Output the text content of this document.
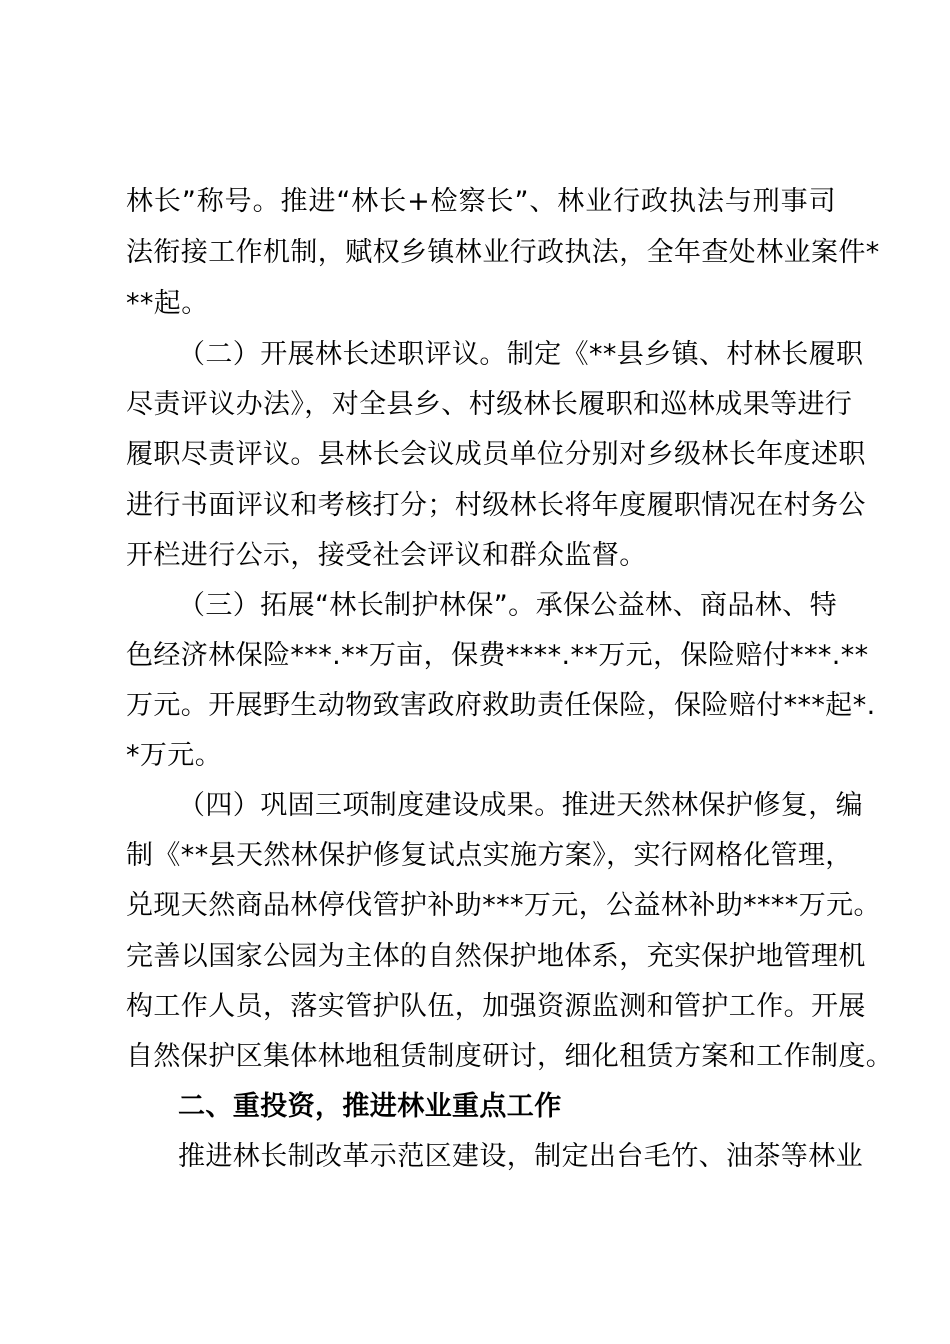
林长”称号。推进“林长+检察长”、林业行政执法与刑事司
法衔接工作机制，赋权乡镇林业行政执法，全年查处林业案件*
**起。
（二）开展林长述职评议。制定《**县乡镇、村林长履职
尽责评议办法》，对全县乡、村级林长履职和巡林成果等进行
履职尽责评议。县林长会议成员单位分别对乡级林长年度述职
进行书面评议和考核打分；村级林长将年度履职情况在村务公
开栏进行公示，接受社会评议和群众监督。
（三）拓展“林长制护林保”。承保公益林、商品林、特
色经济林保险***.**万亩，保费****.**万元，保险赔付***.**
万元。开展野生动物致害政府救助责任保险，保险赔付***起*.
*万元。
（四）巩固三项制度建设成果。推进天然林保护修复，编
制《**县天然林保护修复试点实施方案》，实行网格化管理，
兑现天然商品林停伐管护补助***万元，公益林补助****万元。
完善以国家公园为主体的自然保护地体系，充实保护地管理机
构工作人员，落实管护队伍，加强资源监测和管护工作。开展
自然保护区集体林地租赁制度研讨，细化租赁方案和工作制度。
二、重投资，推进林业重点工作
推进林长制改革示范区建设，制定出台毛竹、油茶等林业
